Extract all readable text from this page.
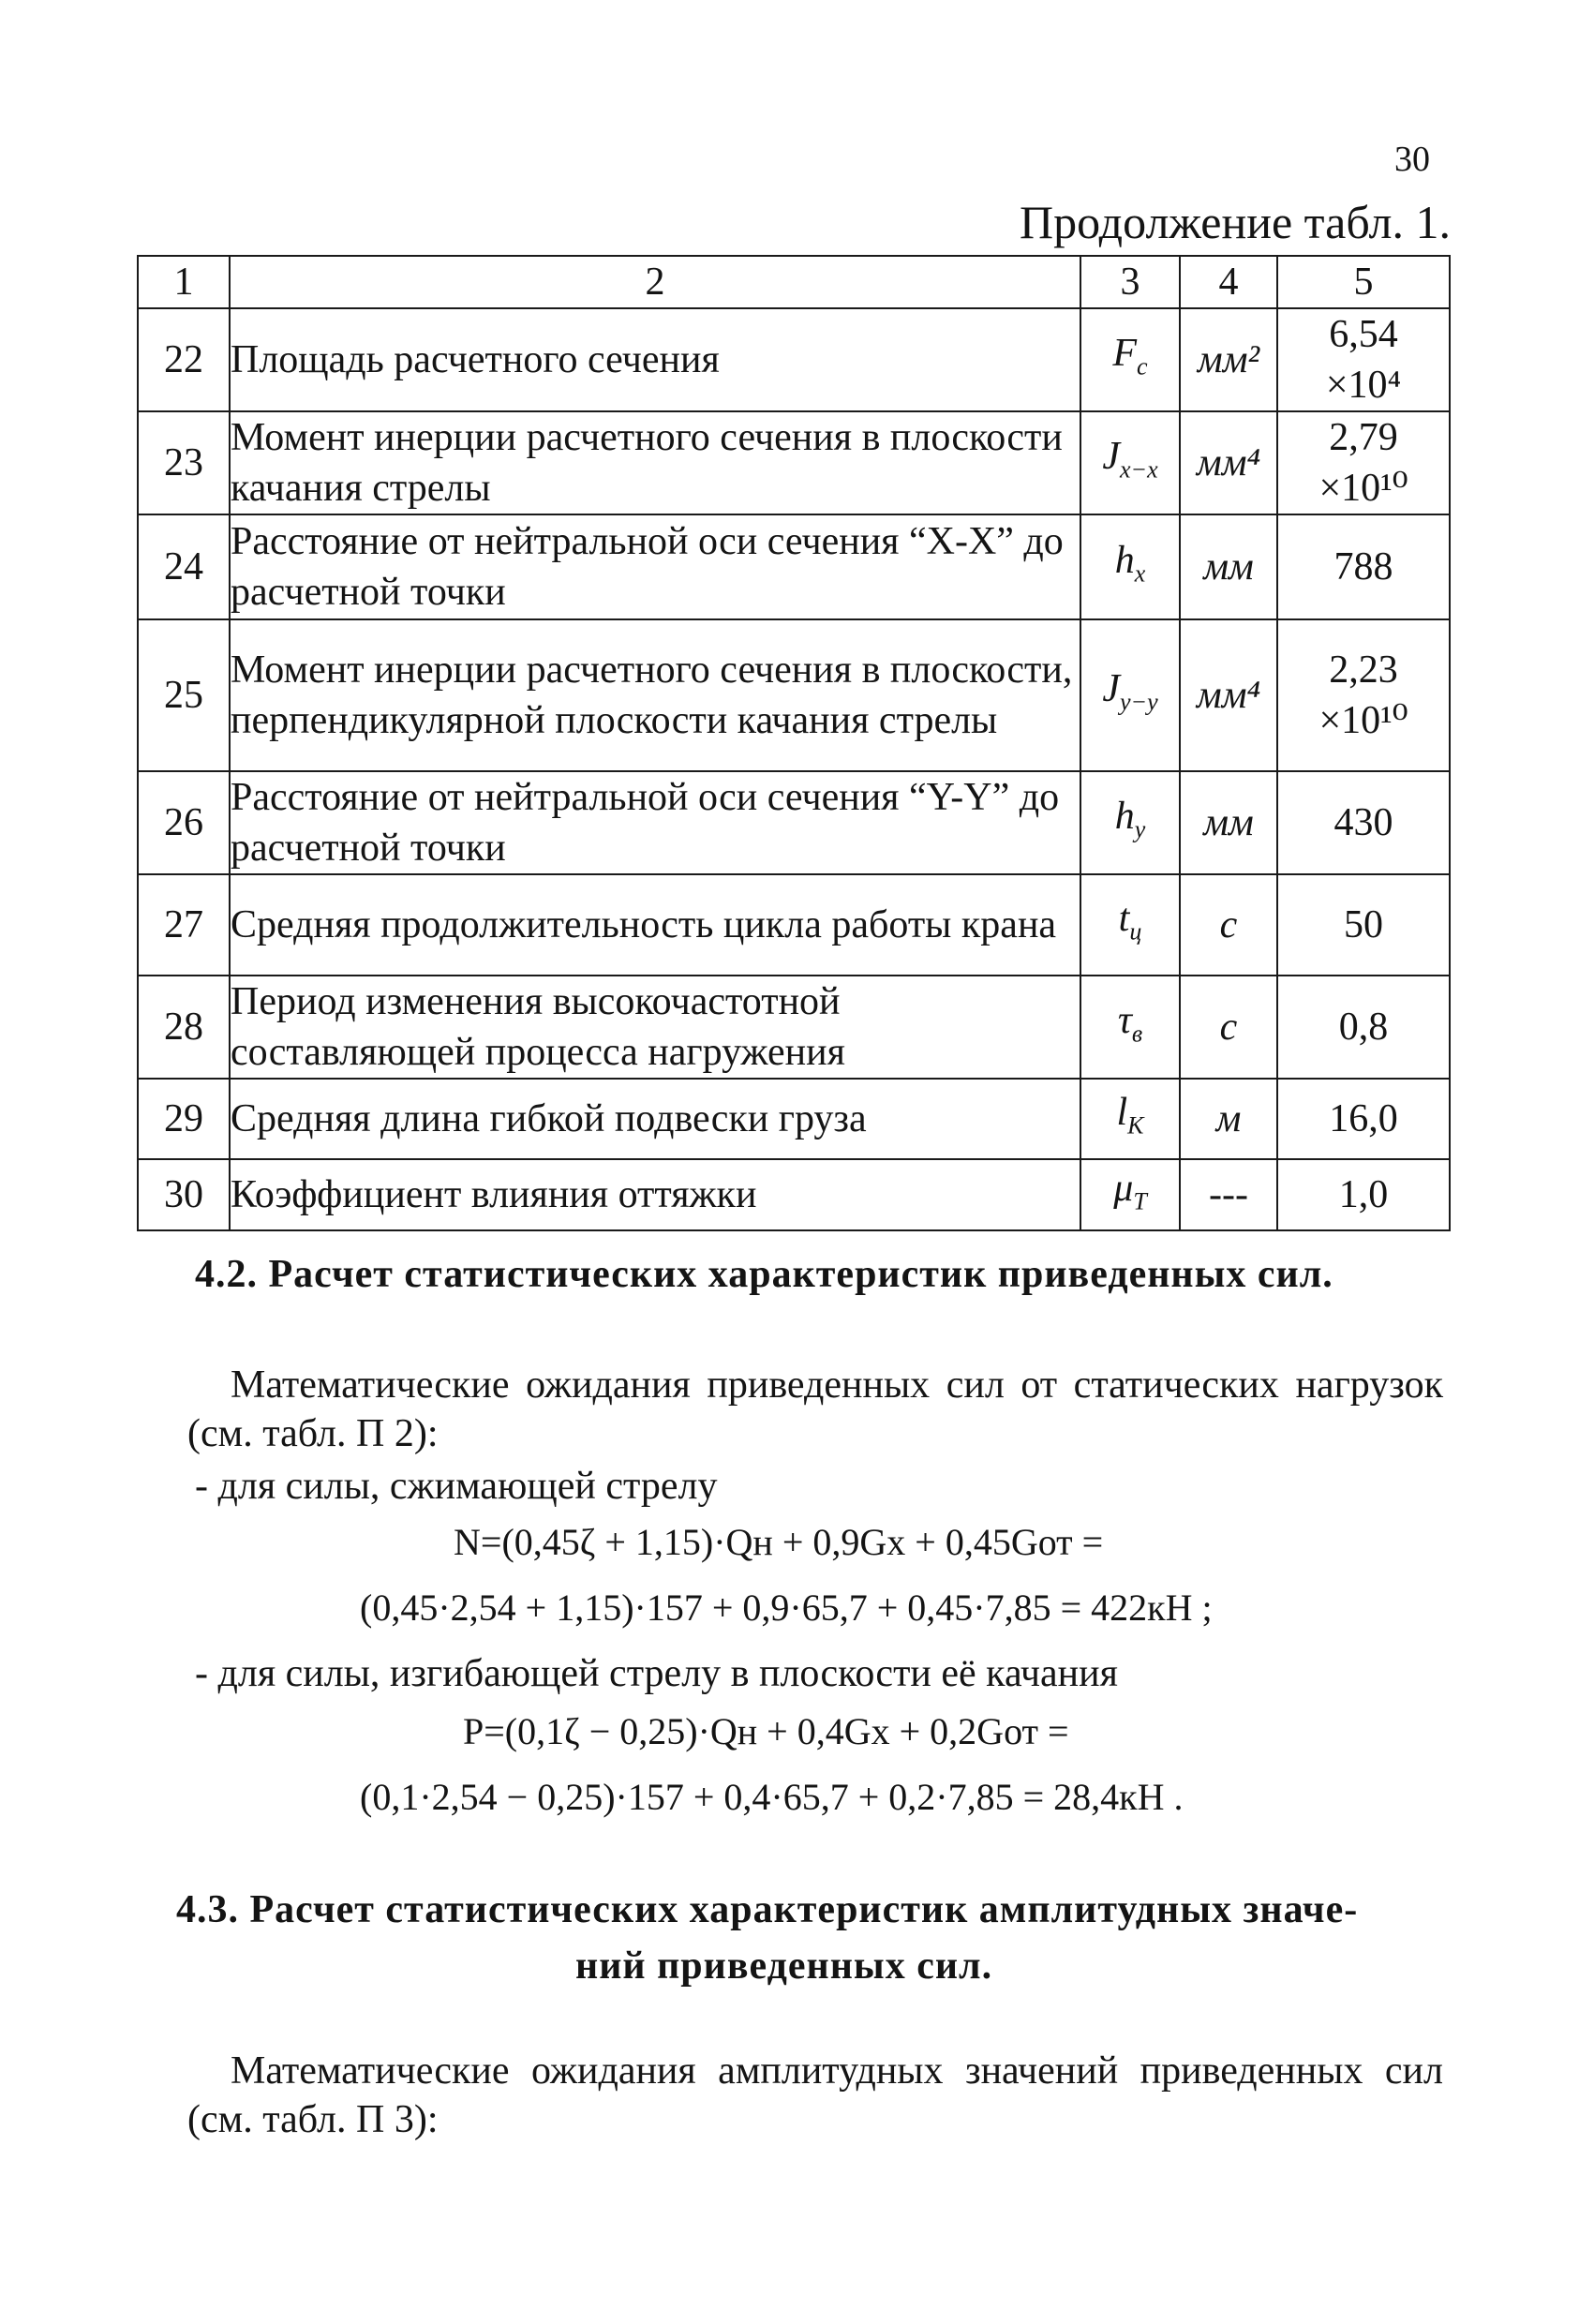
30
Продолжение табл. 1.
1	2	3	4	5
22	Площадь расчетного сечения	$F_c$	мм²	6,54
×10⁴

23	Момент инерции расчетного сечения в плоскости качания стрелы	$J_{x-x}$	мм⁴	2,79
×10¹⁰

24	Расстояние от нейтральной оси сечения “X-X” до расчетной точки	$h_x$	мм	788

25	Момент инерции расчетного сечения в плоскости, перпендикулярной плоскости качания стрелы	$J_{y-y}$	мм⁴	2,23
×10¹⁰

26	Расстояние от нейтральной оси сечения “Y-Y” до расчетной точки	$h_y$	мм	430

27	Средняя продолжительность цикла работы крана	$t_ц$	с	50

28	Период изменения высокочастотной составляющей процесса нагружения	$\tau_в$	с	0,8

29	Средняя длина гибкой подвески груза	$l_K$	м	16,0

30	Коэффициент влияния оттяжки	$\mu_T$	---	1,0
4.2. Расчет статистических характеристик приведенных сил.

Математические ожидания приведенных сил от статических нагрузок (см. табл. П 2):

- для силы, сжимающей стрелу

N=(0,45ζ + 1,15)·Qн + 0,9Gх + 0,45Gот =

(0,45·2,54 + 1,15)·157 + 0,9·65,7 + 0,45·7,85 = 422кН ;

- для силы, изгибающей стрелу в плоскости её качания

P=(0,1ζ − 0,25)·Qн + 0,4Gх + 0,2Gот =

(0,1·2,54 − 0,25)·157 + 0,4·65,7 + 0,2·7,85 = 28,4кН .

4.3. Расчет статистических характеристик амплитудных значе-
ний приведенных сил.

Математические ожидания амплитудных значений приведенных сил (см. табл. П 3):
